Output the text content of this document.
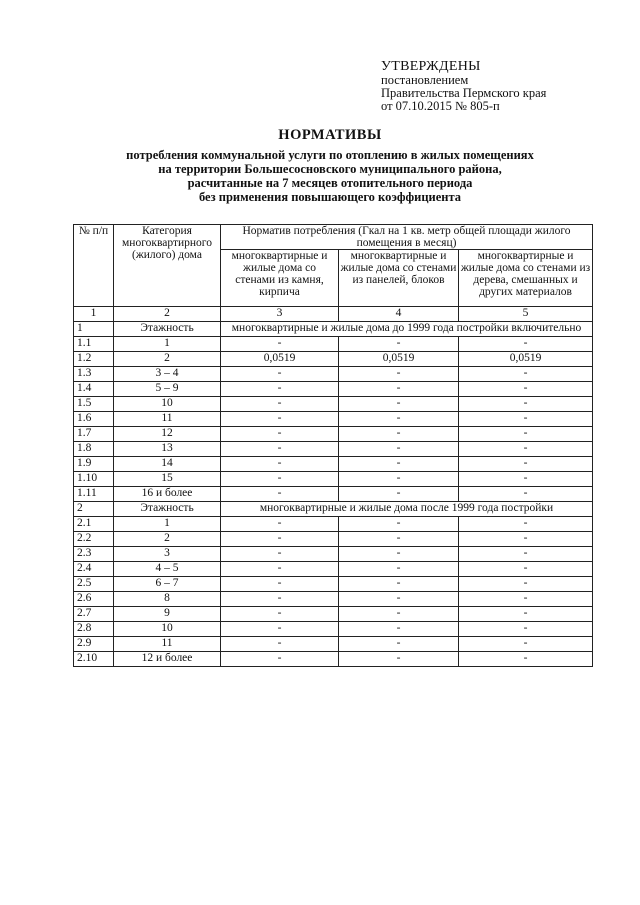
УТВЕРЖДЕНЫ
постановлением
Правительства Пермского края
от 07.10.2015 № 805-п
НОРМАТИВЫ
потребления коммунальной услуги по отоплению в жилых помещениях
на территории Большесосновского муниципального района,
расчитанные на 7 месяцев отопительного периода
без применения повышающего коэффициента
№ п/п	Категория многоквартирного (жилого) дома	Норматив потребления (Гкал на 1 кв. метр общей площади жилого помещения в месяц)		
		многоквартирные и жилые дома со стенами из камня, кирпича	многоквартирные и жилые дома со стенами из панелей, блоков	многоквартирные и жилые дома со стенами из дерева, смешанных и других материалов
1	2	3	4	5
1	Этажность	многоквартирные и жилые дома до 1999 года постройки включительно		
1.1	1	-	-	-
1.2	2	0,0519	0,0519	0,0519
1.3	3 – 4	-	-	-
1.4	5 – 9	-	-	-
1.5	10	-	-	-
1.6	11	-	-	-
1.7	12	-	-	-
1.8	13	-	-	-
1.9	14	-	-	-
1.10	15	-	-	-
1.11	16 и более	-	-	-
2	Этажность	многоквартирные и жилые дома после 1999 года постройки		
2.1	1	-	-	-
2.2	2	-	-	-
2.3	3	-	-	-
2.4	4 – 5	-	-	-
2.5	6 – 7	-	-	-
2.6	8	-	-	-
2.7	9	-	-	-
2.8	10	-	-	-
2.9	11	-	-	-
2.10	12 и более	-	-	-
